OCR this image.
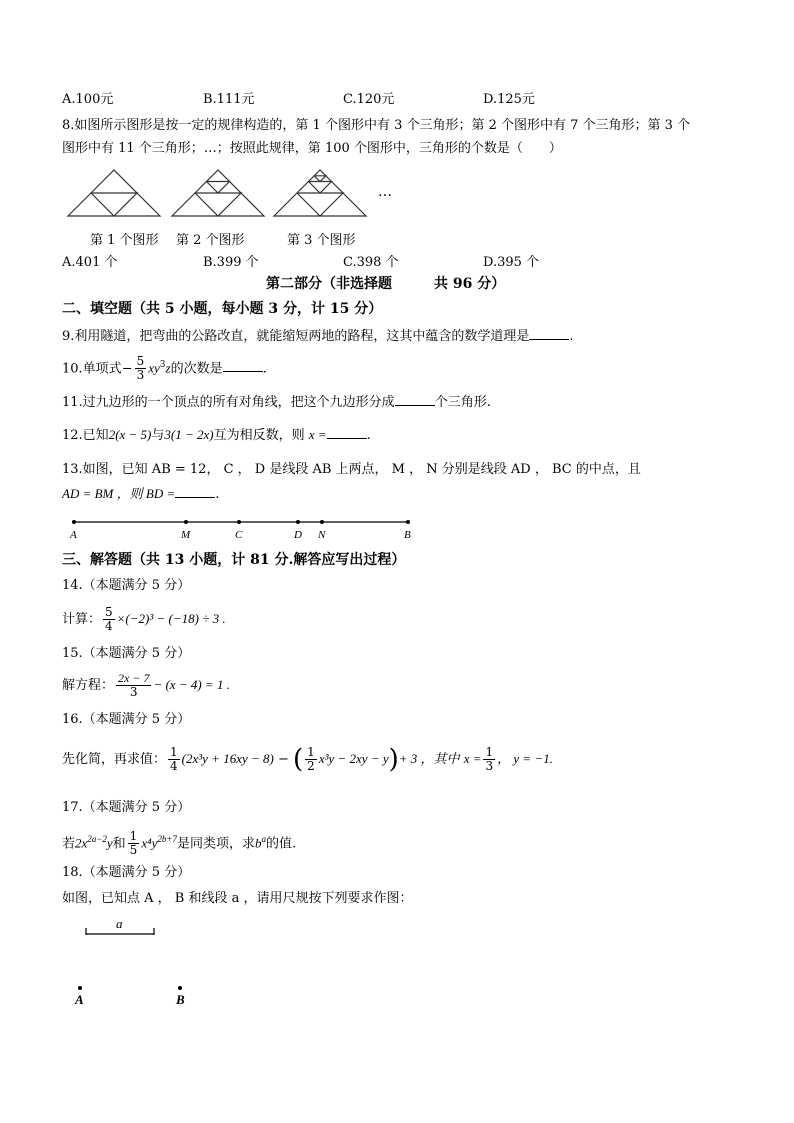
A.100元	B.111元	C.120元	D.125元
8.如图所示图形是按一定的规律构造的，第 1 个图形中有 3 个三角形；第 2 个图形中有 7 个三角形；第 3 个
图形中有 11 个三角形；…；按照此规律，第 100 个图形中，三角形的个数是（　　）
…
第 1 个图形 第 2 个图形	第 3 个图形
A.401 个	B.399 个	C.398 个	D.395 个
第二部分（非选择题　　　共 96 分）
二、填空题（共 5 小题，每小题 3 分，计 15 分）
9.利用隧道，把弯曲的公路改直，就能缩短两地的路程，这其中蕴含的数学道理是	.
10.单项式− $\frac{5}{3} xy^3z$的次数是	.
11.过九边形的一个顶点的所有对角线，把这个九边形分成	个三角形.
12.已知2(x − 5)与3(1 − 2x)互为相反数，则 x =	.
13.如图，已知 AB = 12， C ， D 是线段 AB 上两点， M ， N 分别是线段 AD ， BC 的中点，且
AD = BM ，则 BD =	.
A	M	C	D N	B
三、解答题（共 13 小题，计 81 分.解答应写出过程）
14.（本题满分 5 分）
计算： $\frac{5}{4} \times(-2)^3 - (-18) \div 3$ .
15.（本题满分 5 分）
解方程： $\frac{2x - 7}{3} - (x - 4) = 1$ .
16.（本题满分 5 分）
先化简，再求值： $\frac{1}{4} (2x^3y + 16xy - 8)$ − ( $\frac{1}{2} x^3y - 2xy - y)+ 3$ ，其中 $x = \frac{1}{3}$ ， y = −1.
17.（本题满分 5 分）
若$2x^{2a-2}y$和 $\frac{1}{5} x^4y^{2b+7}$是同类项，求$b^a$的值.
18.（本题满分 5 分）
如图，已知点 A ， B 和线段 a ，请用尺规按下列要求作图：
a
A	B
